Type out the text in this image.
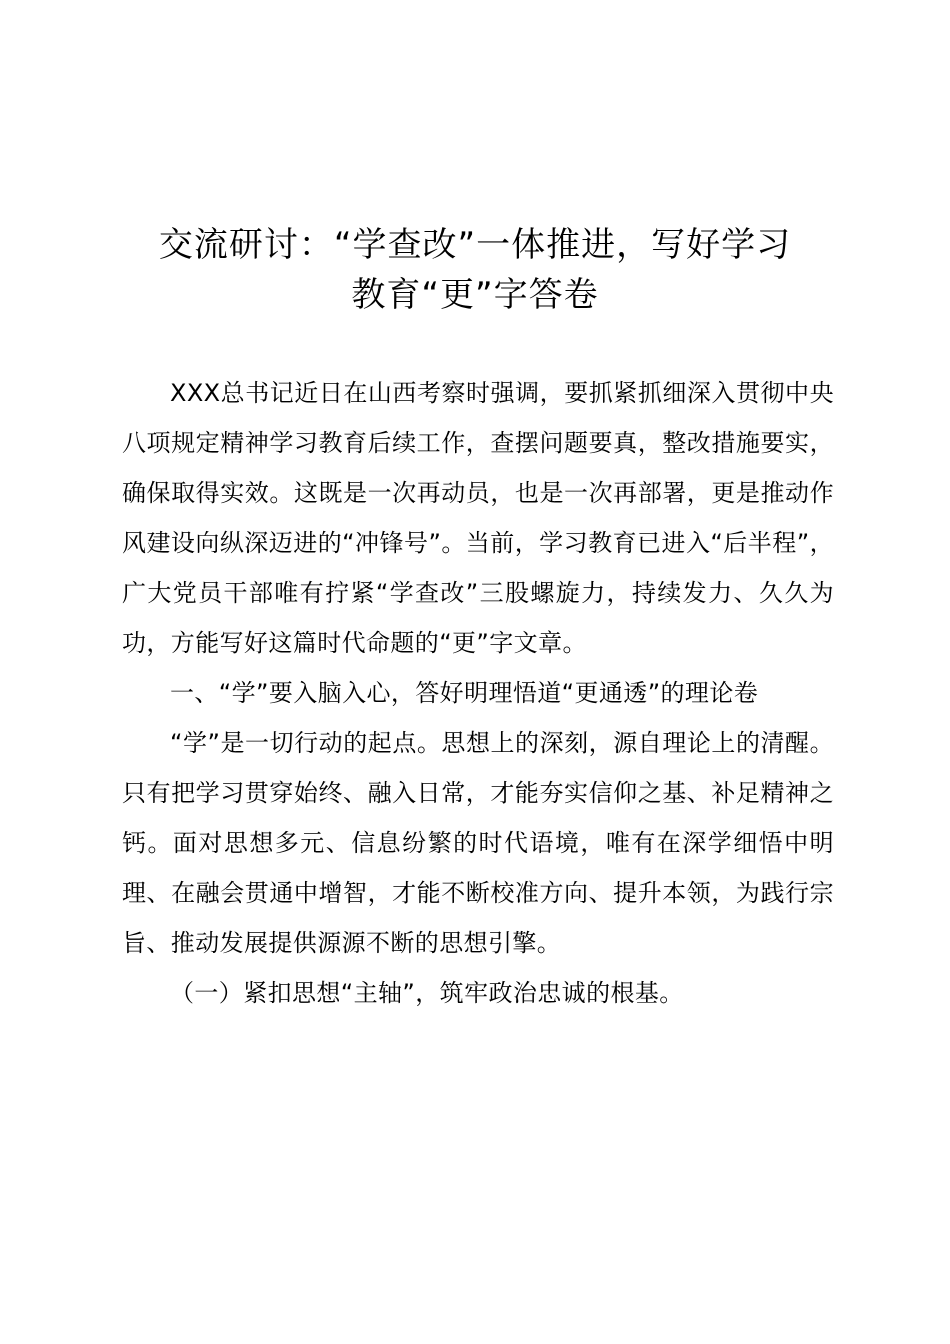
交流研讨：“学查改”一体推进，写好学习
教育“更”字答卷

XXX总书记近日在山西考察时强调，要抓紧抓细深入贯彻中央八项规定精神学习教育后续工作，查摆问题要真，整改措施要实，确保取得实效。这既是一次再动员，也是一次再部署，更是推动作风建设向纵深迈进的“冲锋号”。当前，学习教育已进入“后半程”，广大党员干部唯有拧紧“学查改”三股螺旋力，持续发力、久久为功，方能写好这篇时代命题的“更”字文章。

一、“学”要入脑入心，答好明理悟道“更通透”的理论卷

“学”是一切行动的起点。思想上的深刻，源自理论上的清醒。只有把学习贯穿始终、融入日常，才能夯实信仰之基、补足精神之钙。面对思想多元、信息纷繁的时代语境，唯有在深学细悟中明理、在融会贯通中增智，才能不断校准方向、提升本领，为践行宗旨、推动发展提供源源不断的思想引擎。

（一）紧扣思想“主轴”，筑牢政治忠诚的根基。
